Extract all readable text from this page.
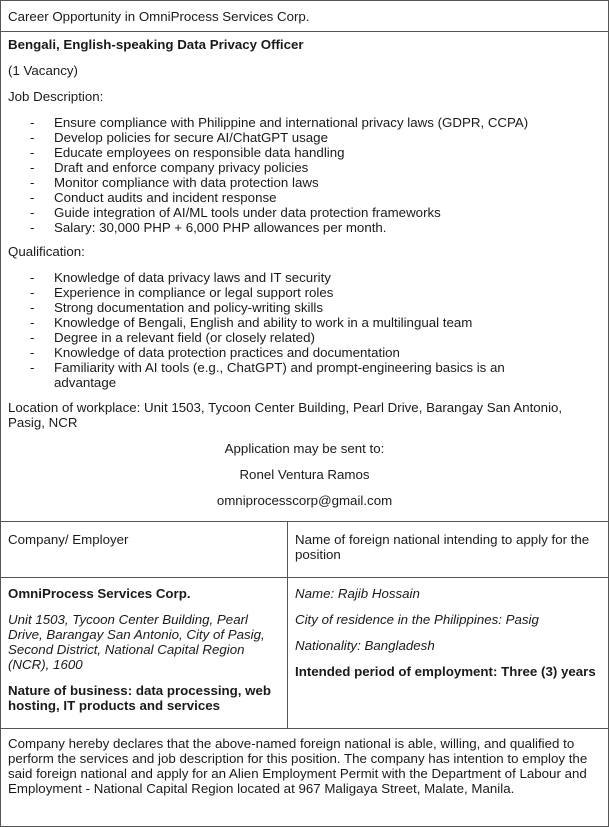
Career Opportunity in OmniProcess Services Corp.
Bengali, English-speaking Data Privacy Officer
(1 Vacancy)
Job Description:
- Ensure compliance with Philippine and international privacy laws (GDPR, CCPA)
- Develop policies for secure AI/ChatGPT usage
- Educate employees on responsible data handling
- Draft and enforce company privacy policies
- Monitor compliance with data protection laws
- Conduct audits and incident response
- Guide integration of AI/ML tools under data protection frameworks
- Salary: 30,000 PHP + 6,000 PHP allowances per month.
Qualification:
- Knowledge of data privacy laws and IT security
- Experience in compliance or legal support roles
- Strong documentation and policy-writing skills
- Knowledge of Bengali, English and ability to work in a multilingual team
- Degree in a relevant field (or closely related)
- Knowledge of data protection practices and documentation
- Familiarity with AI tools (e.g., ChatGPT) and prompt-engineering basics is an advantage
Location of workplace: Unit 1503, Tycoon Center Building, Pearl Drive, Barangay San Antonio, Pasig, NCR
Application may be sent to:
Ronel Ventura Ramos
omniprocesscorp@gmail.com
Company/ Employer	Name of foreign national intending to apply for the position
OmniProcess Services Corp.
Unit 1503, Tycoon Center Building, Pearl Drive, Barangay San Antonio, City of Pasig, Second District, National Capital Region (NCR), 1600
Nature of business: data processing, web hosting, IT products and services
Name: Rajib Hossain
City of residence in the Philippines: Pasig
Nationality: Bangladesh
Intended period of employment: Three (3) years
Company hereby declares that the above-named foreign national is able, willing, and qualified to perform the services and job description for this position. The company has intention to employ the said foreign national and apply for an Alien Employment Permit with the Department of Labour and Employment - National Capital Region located at 967 Maligaya Street, Malate, Manila.
